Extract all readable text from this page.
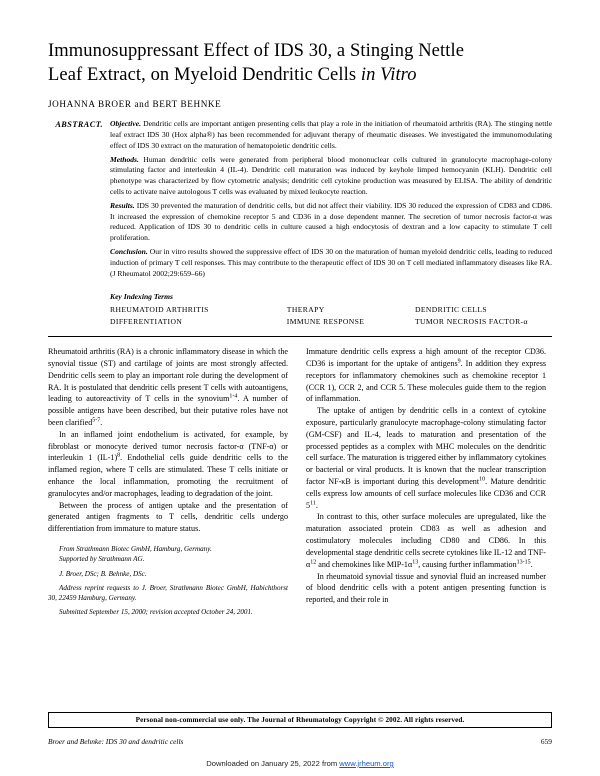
Immunosuppressant Effect of IDS 30, a Stinging Nettle
Leaf Extract, on Myeloid Dendritic Cells in Vitro
JOHANNA BROER and BERT BEHNKE
ABSTRACT. Objective. Dendritic cells are important antigen presenting cells that play a role in the initiation of rheumatoid arthritis (RA). The stinging nettle leaf extract IDS 30 (Hox alpha®) has been recommended for adjuvant therapy of rheumatic diseases. We investigated the immunomodulating effect of IDS 30 extract on the maturation of hematopoietic dendritic cells.

Methods. Human dendritic cells were generated from peripheral blood mononuclear cells cultured in granulocyte macrophage-colony stimulating factor and interleukin 4 (IL-4). Dendritic cell maturation was induced by keyhole limped hemocyanin (KLH). Dendritic cell phenotype was characterized by flow cytometric analysis; dendritic cell cytokine production was measured by ELISA. The ability of dendritic cells to activate naive autologous T cells was evaluated by mixed leukocyte reaction.

Results. IDS 30 prevented the maturation of dendritic cells, but did not affect their viability. IDS 30 reduced the expression of CD83 and CD86. It increased the expression of chemokine receptor 5 and CD36 in a dose dependent manner. The secretion of tumor necrosis factor-α was reduced. Application of IDS 30 to dendritic cells in culture caused a high endocytosis of dextran and a low capacity to stimulate T cell proliferation.

Conclusion. Our in vitro results showed the suppressive effect of IDS 30 on the maturation of human myeloid dendritic cells, leading to reduced induction of primary T cell responses. This may contribute to the therapeutic effect of IDS 30 on T cell mediated inflammatory diseases like RA. (J Rheumatol 2002;29:659–66)

Key Indexing Terms
RHEUMATOID ARTHRITIS	THERAPY	DENDRITIC CELLS
DIFFERENTIATION	IMMUNE RESPONSE	TUMOR NECROSIS FACTOR-α

Rheumatoid arthritis (RA) is a chronic inflammatory disease in which the synovial tissue (ST) and cartilage of joints are most strongly affected. Dendritic cells seem to play an important role during the development of RA. It is postulated that dendritic cells present T cells with autoantigens, leading to autoreactivity of T cells in the synovium$^{1-4}$. A number of possible antigens have been described, but their putative roles have not been clarified$^{5-7}$.

In an inflamed joint endothelium is activated, for example, by fibroblast or monocyte derived tumor necrosis factor-α (TNF-α) or interleukin 1 $(IL-1)^8$. Endothelial cells guide dendritic cells to the inflamed region, where T cells are stimulated. These T cells initiate or enhance the local inflammation, promoting the recruitment of granulocytes and/or macrophages, leading to degradation of the joint.

Between the process of antigen uptake and the presentation of generated antigen fragments to T cells, dendritic cells undergo differentiation from immature to mature status.

From Strathmann Biotec GmbH, Hamburg, Germany.

Supported by Strathmann AG.

J. Broer, DSc; B. Behnke, DSc.

Address reprint requests to J. Broer, Strathmann Biotec GmbH, Habichthorst 30, 22459 Hamburg, Germany.

Submitted September 15, 2000; revision accepted October 24, 2001.

Immature dendritic cells express a high amount of the receptor CD36. CD36 is important for the uptake of antigens$^9$. In addition they express receptors for inflammatory chemokines such as chemokine receptor 1 (CCR 1), CCR 2, and CCR 5. These molecules guide them to the region of inflammation.

The uptake of antigen by dendritic cells in a context of cytokine exposure, particularly granulocyte macrophage-colony stimulating factor (GM-CSF) and IL-4, leads to maturation and presentation of the processed peptides as a complex with MHC molecules on the dendritic cell surface. The maturation is triggered either by inflammatory cytokines or bacterial or viral products. It is known that the nuclear transcription factor NF-κB is important during this development$^{10}$. Mature dendritic cells express low amounts of cell surface molecules like CD36 and CCR $5^{11}$.

In contrast to this, other surface molecules are upregulated, like the maturation associated protein CD83 as well as adhesion and costimulatory molecules including CD80 and CD86. In this developmental stage dendritic cells secrete cytokines like IL-12 and TNF-$\alpha^{12}$ and chemokines like MIP-$1\alpha^{13}$, causing further inflammation$^{13-15}$.

In rheumatoid synovial tissue and synovial fluid an increased number of blood dendritic cells with a potent antigen presenting function is reported, and their role in

Personal non-commercial use only. The Journal of Rheumatology Copyright © 2002. All rights reserved.
Broer and Behnke: IDS 30 and dendritic cells	659
Downloaded on January 25, 2022 from www.jrheum.org
